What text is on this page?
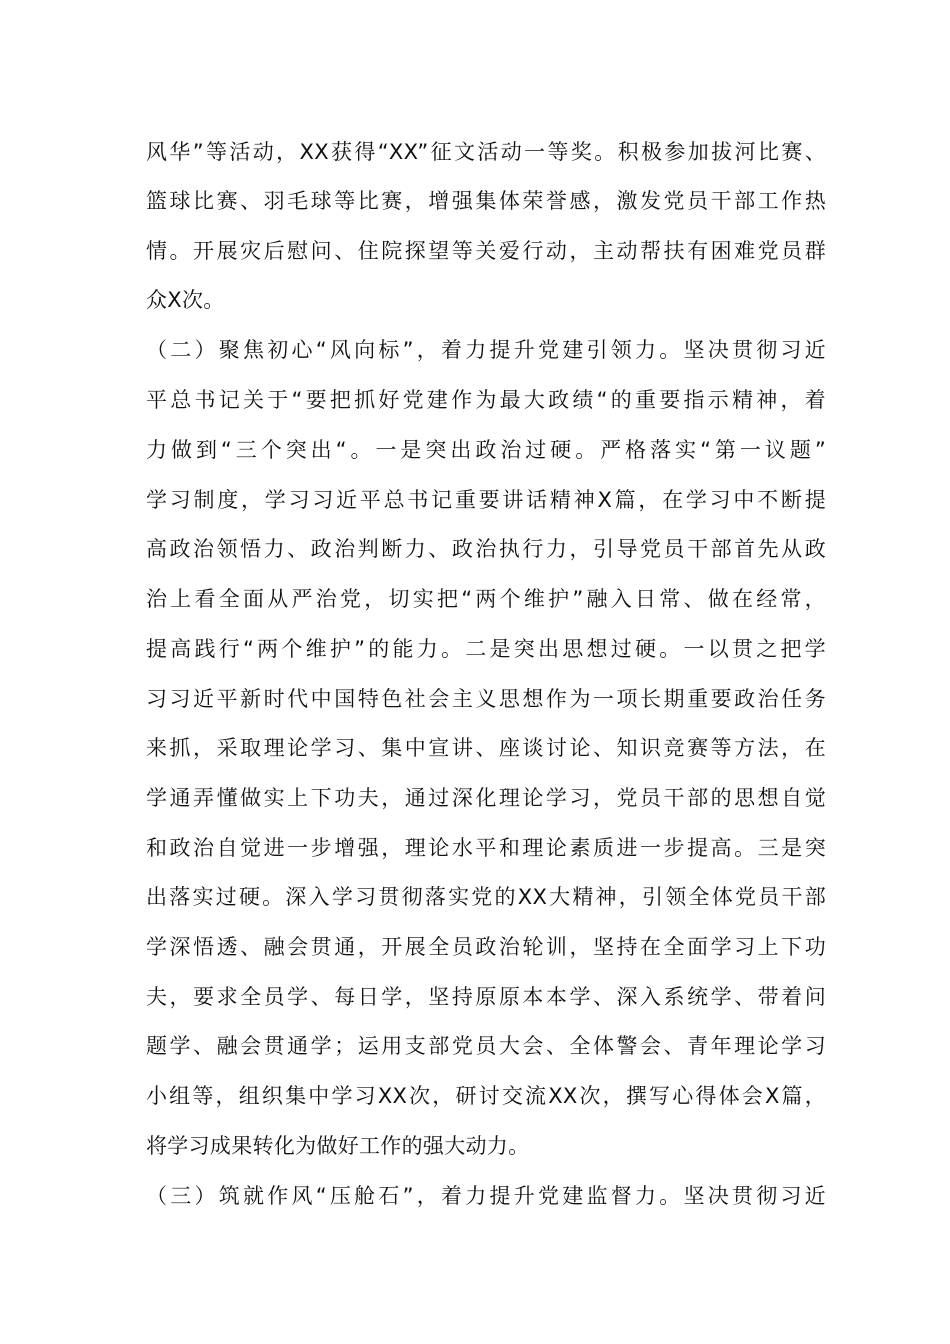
风华”等活动，XX获得“XX”征文活动一等奖。积极参加拔河比赛、
篮球比赛、羽毛球等比赛，增强集体荣誉感，激发党员干部工作热
情。开展灾后慰问、住院探望等关爱行动，主动帮扶有困难党员群
众X次。
（二）聚焦初心“风向标”，着力提升党建引领力。坚决贯彻习近
平总书记关于“要把抓好党建作为最大政绩“的重要指示精神，着
力做到“三个突出“。一是突出政治过硬。严格落实“第一议题”
学习制度，学习习近平总书记重要讲话精神X篇，在学习中不断提
高政治领悟力、政治判断力、政治执行力，引导党员干部首先从政
治上看全面从严治党，切实把“两个维护”融入日常、做在经常，
提高践行“两个维护”的能力。二是突出思想过硬。一以贯之把学
习习近平新时代中国特色社会主义思想作为一项长期重要政治任务
来抓，采取理论学习、集中宣讲、座谈讨论、知识竞赛等方法，在
学通弄懂做实上下功夫，通过深化理论学习，党员干部的思想自觉
和政治自觉进一步增强，理论水平和理论素质进一步提高。三是突
出落实过硬。深入学习贯彻落实党的XX大精神，引领全体党员干部
学深悟透、融会贯通，开展全员政治轮训，坚持在全面学习上下功
夫，要求全员学、每日学，坚持原原本本学、深入系统学、带着问
题学、融会贯通学；运用支部党员大会、全体警会、青年理论学习
小组等，组织集中学习XX次，研讨交流XX次，撰写心得体会X篇，
将学习成果转化为做好工作的强大动力。
（三）筑就作风“压舱石”，着力提升党建监督力。坚决贯彻习近
